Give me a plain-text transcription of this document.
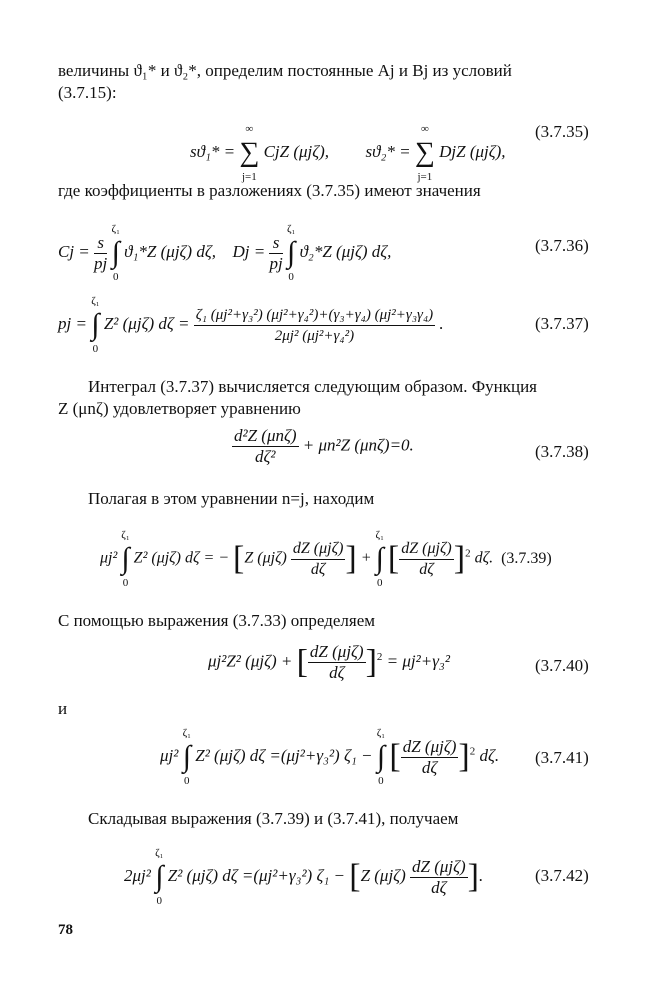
величины ϑ₁* и ϑ₂*, определим постоянные Aj и Bj из условий
(3.7.15):
sϑ₁* =
∞
∑
j=1
CjZ (μjζ), sϑ₂* =
∞
∑
j=1
DjZ (μjζ),
(3.7.35)
где коэффициенты в разложениях (3.7.35) имеют значения
$Cj = \frac{s}{pj}$

ζ₁
∫
0
ϑ₁*Z (μjζ) dζ, $Dj = \frac{s}{pj}$

ζ₁
∫
0
ϑ₂*Z (μjζ) dζ,	(3.7.36)
pj =
ζ₁
∫
0
Z² (μjζ) $d\zeta = \frac{\text{ζ₁ (μj²+γ₃²) (μj²+γ₄²)+(γ₃+γ₄) (μj²+γ₃γ₄)}}{\text{2μj² (μj²+γ₄²)}}$ .	(3.7.37)
Интеграл (3.7.37) вычисляется следующим образом. Функция
Z (μnζ) удовлетворяет уравнению
$\frac{\text{d²Z (μnζ)}}{\text{dζ²}} + \mu n^2Z$ (μnζ)=0.	(3.7.38)
Полагая в этом уравнении n=j, находим
μj²
ζ₁
∫
0
Z² (μjζ) dζ = − [Z $(\mu j\zeta) \frac{\text{dZ (μjζ)}}{d\zeta}$ ] +
ζ₁
∫
0
[ $\frac{\text{dZ (μjζ)}}{d\zeta} ]^2$ dζ. (3.7.39)
С помощью выражения (3.7.33) определяем
μj²Z² (μjζ) + [ $\frac{\text{dZ (μjζ)}}{d\zeta} ]^2 = \mu j^2+\gamma_3^2$	(3.7.40)
и
μj²
ζ₁
∫
0
Z² (μjζ) dζ =(μj²+γ₃²) ζ₁ −
ζ₁
∫
0
[ $\frac{\text{dZ (μjζ)}}{d\zeta} ]^2$ dζ. (3.7.41)
Складывая выражения (3.7.39) и (3.7.41), получаем
2μj²
ζ₁
∫
0
Z² (μjζ) dζ =(μj²+γ₃²) ζ₁ − [Z $(\mu j\zeta) \frac{\text{dZ (μjζ)}}{d\zeta}$ ].	(3.7.42)
78
